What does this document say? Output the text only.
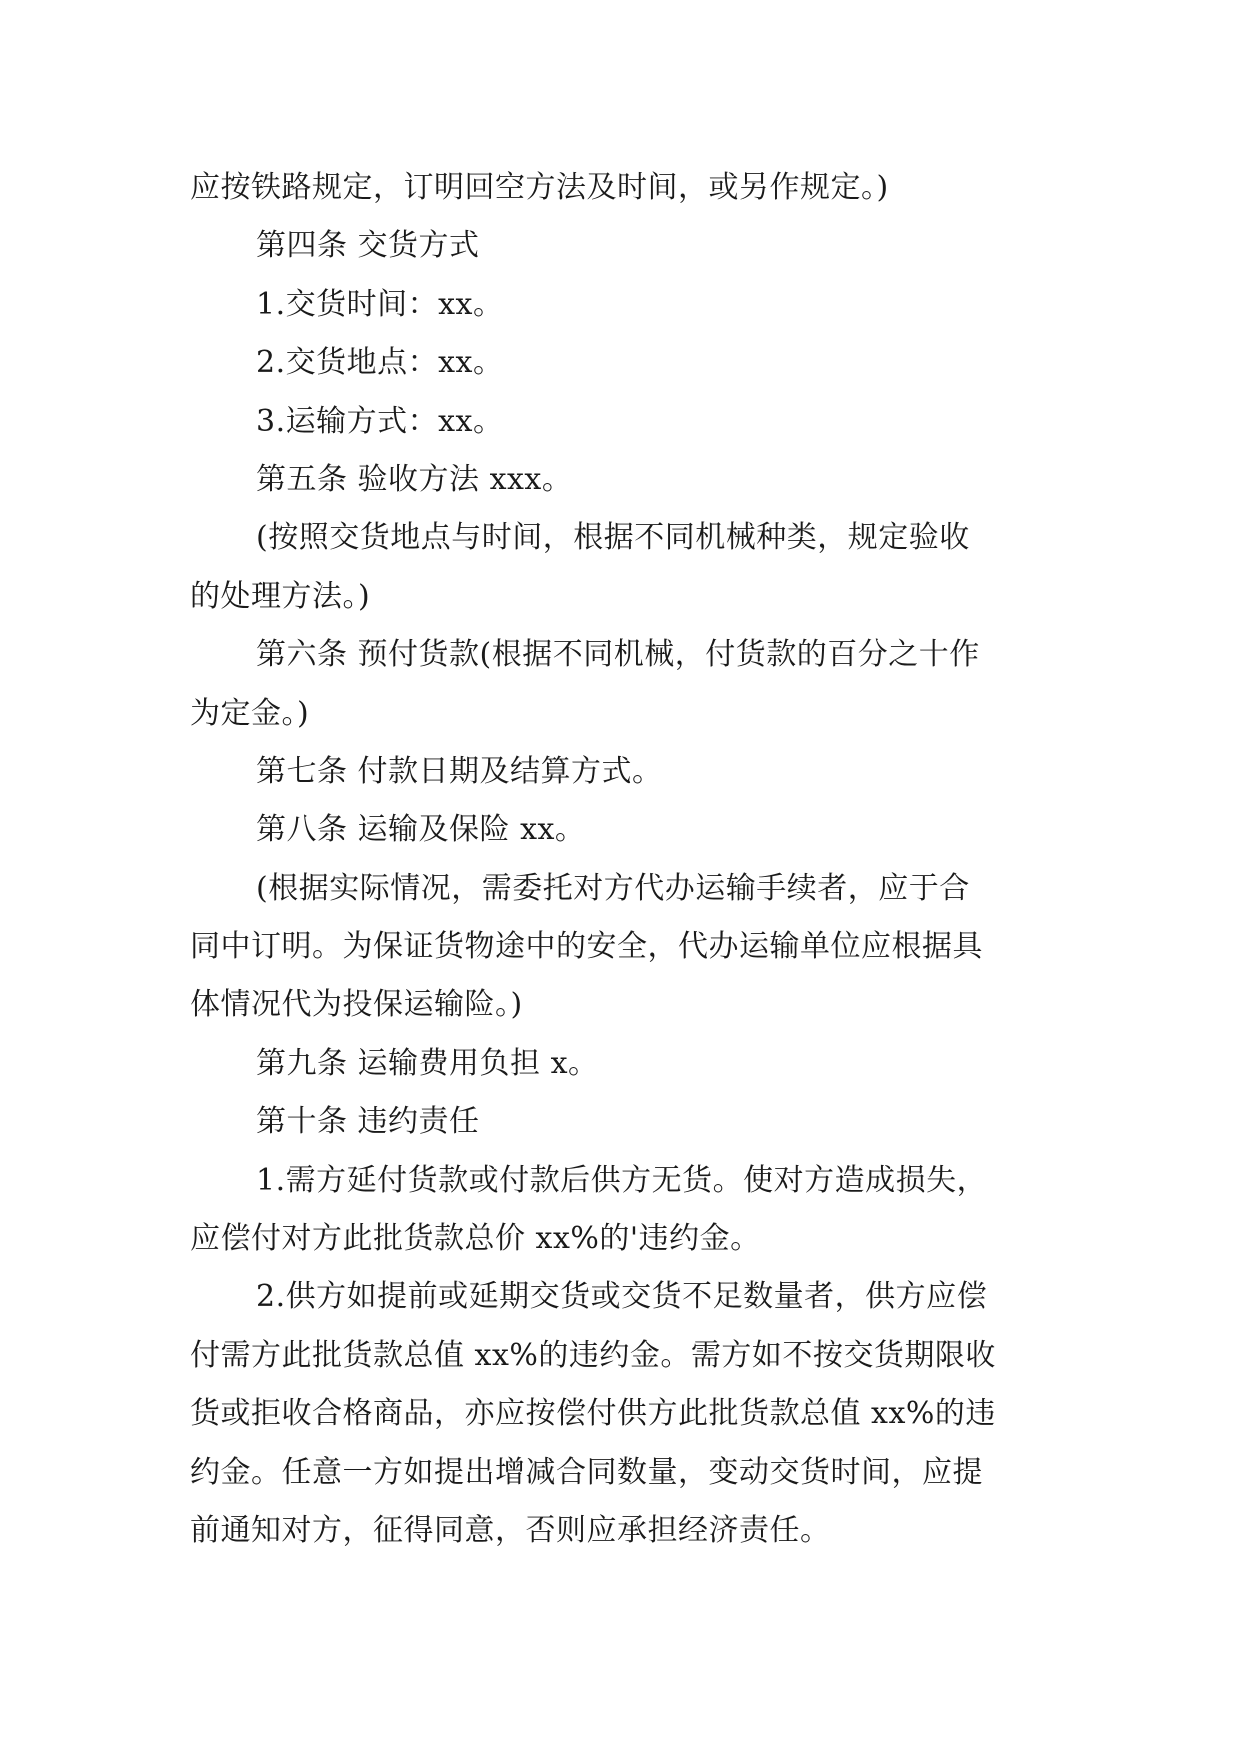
应按铁路规定，订明回空方法及时间，或另作规定。)
第四条 交货方式
1.交货时间：xx。
2.交货地点：xx。
3.运输方式：xx。
第五条 验收方法 xxx。
(按照交货地点与时间，根据不同机械种类，规定验收
的处理方法。)
第六条 预付货款(根据不同机械，付货款的百分之十作
为定金。)
第七条 付款日期及结算方式。
第八条 运输及保险 xx。
(根据实际情况，需委托对方代办运输手续者，应于合
同中订明。为保证货物途中的安全，代办运输单位应根据具
体情况代为投保运输险。)
第九条 运输费用负担 x。
第十条 违约责任
1.需方延付货款或付款后供方无货。使对方造成损失，
应偿付对方此批货款总价 xx%的'违约金。
2.供方如提前或延期交货或交货不足数量者，供方应偿
付需方此批货款总值 xx%的违约金。需方如不按交货期限收
货或拒收合格商品，亦应按偿付供方此批货款总值 xx%的违
约金。任意一方如提出增减合同数量，变动交货时间，应提
前通知对方，征得同意，否则应承担经济责任。
